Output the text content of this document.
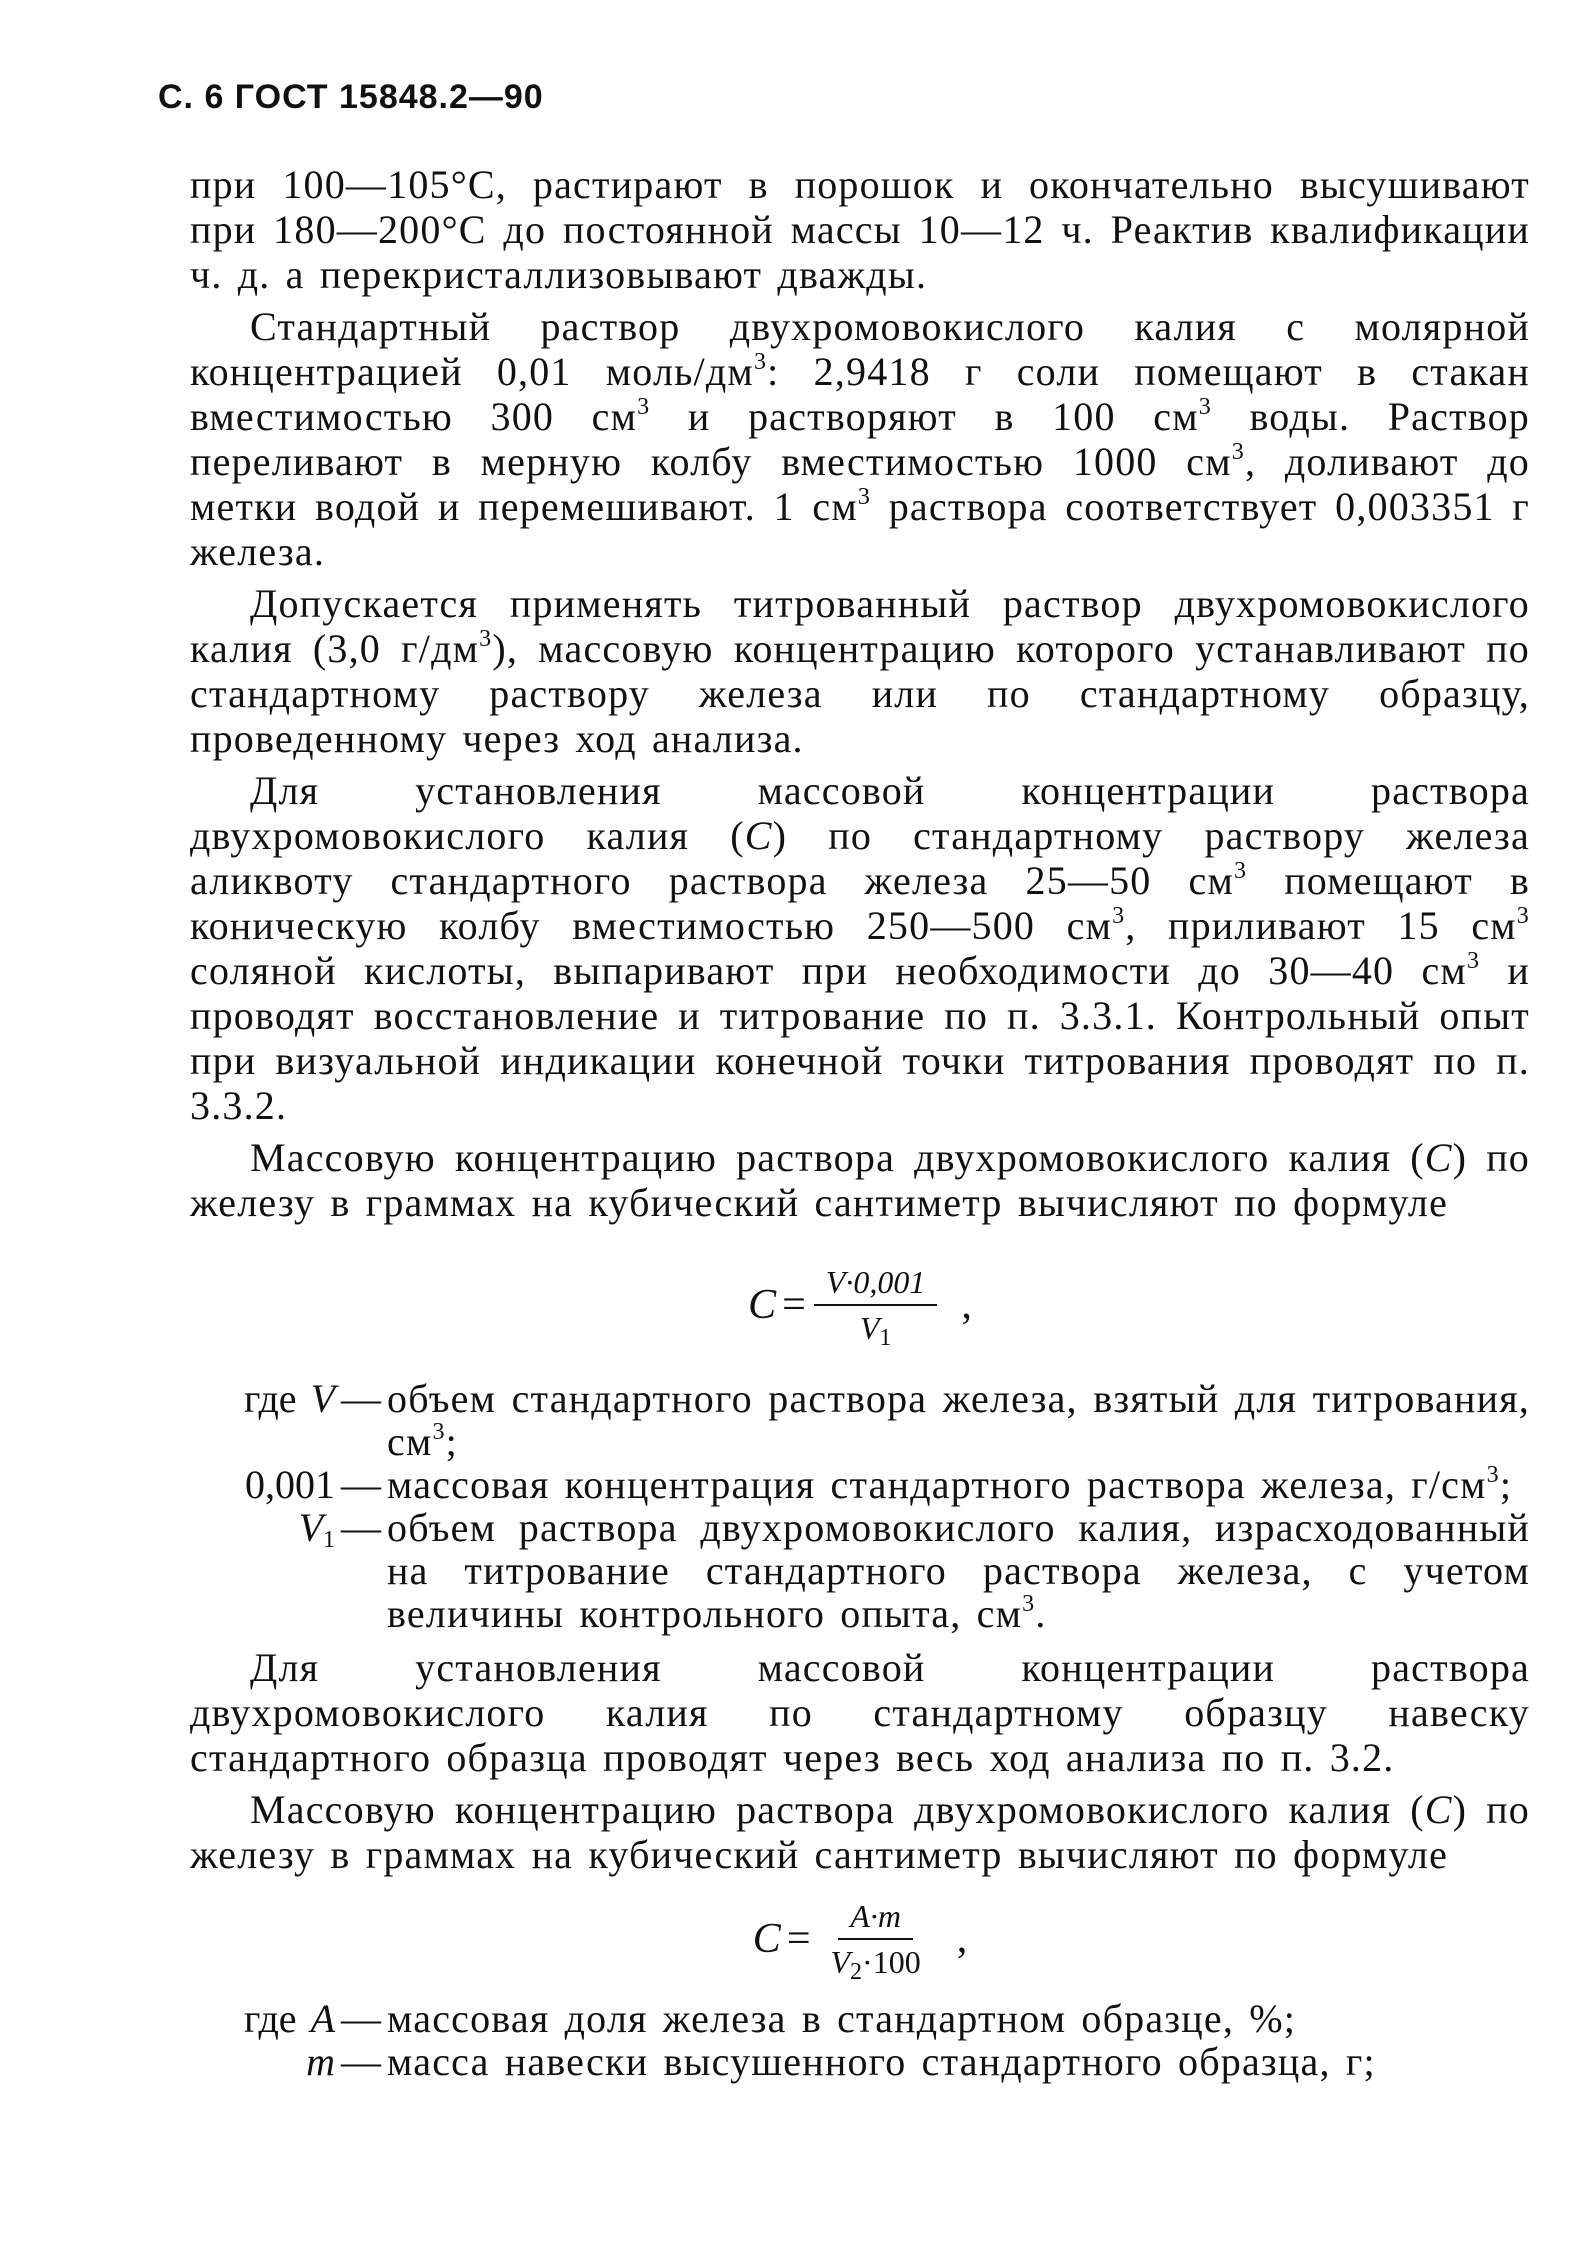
С. 6 ГОСТ 15848.2—90

при 100—105°С, растирают в порошок и окончательно высушивают при 180—200°С до постоянной массы 10—12 ч. Реактив квалификации ч. д. а перекристаллизовывают дважды.

Стандартный раствор двухромовокислого калия с молярной концентрацией 0,01 моль/$дм^3$: 2,9418 г соли помещают в стакан вместимостью 300 $см^3$ и растворяют в 100 $см^3$ воды. Раствор переливают в мерную колбу вместимостью 1000 $см^3$, доливают до метки водой и перемешивают. 1 $см^3$ раствора соответствует 0,003351 г железа.

Допускается применять титрованный раствор двухромовокислого калия (3,0 $г/дм^3$), массовую концентрацию которого устанавливают по стандартному раствору железа или по стандартному образцу, проведенному через ход анализа.

Для установления массовой концентрации раствора двухромовокислого калия (C) по стандартному раствору железа аликвоту стандартного раствора железа 25—50 $см^3$ помещают в коническую колбу вместимостью 250—500 $см^3$, приливают 15 $см^3$ соляной кислоты, выпаривают при необходимости до 30—40 $см^3$ и проводят восстановление и титрование по п. 3.3.1. Контрольный опыт при визуальной индикации конечной точки титрования проводят по п. 3.3.2.

Массовую концентрацию раствора двухромовокислого калия (C) по железу в граммах на кубический сантиметр вычисляют по формуле

$C = \frac{V\cdot 0,001}{V_1}$ ,
где V	—	объем стандартного раствора железа, взятый для титрования, $см^3$;
0,001	—	массовая концентрация стандартного раствора железа, $г/см^3$;
$V_1$	—	объем раствора двухромовокислого калия, израсходованный на титрование стандартного раствора железа, с учетом величины контрольного опыта, $см^3$.

Для установления массовой концентрации раствора двухромовокислого калия по стандартному образцу навеску стандартного образца проводят через весь ход анализа по п. 3.2.

Массовую концентрацию раствора двухромовокислого калия (C) по железу в граммах на кубический сантиметр вычисляют по формуле

$C = \frac{A\cdot m}{V_2\cdot 100}$ ,
где A	—	массовая доля железа в стандартном образце, %;
m	—	масса навески высушенного стандартного образца, г;
